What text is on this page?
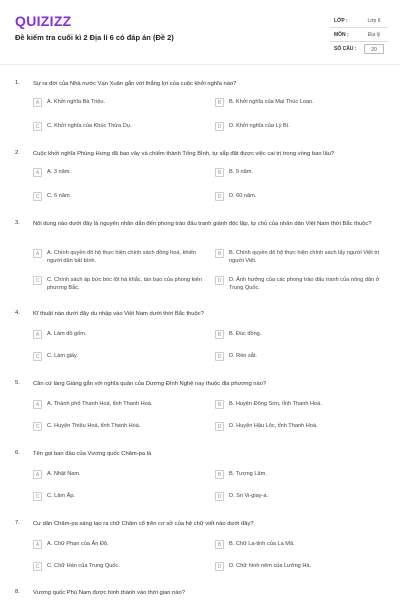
QUIZIZZ
Đề kiểm tra cuối kì 2 Địa lí 6 có đáp án (Đề 2)
LỚP :	Lớp 6
MÔN :	Địa lý
SỐ CÂU :	20
1. Sự ra đời của Nhà nước Vạn Xuân gắn với thắng lợi của cuộc khởi nghĩa nào?
A	A. Khởi nghĩa Bà Triệu.	B	B. Khởi nghĩa của Mai Thúc Loan.
C	C. Khởi nghĩa của Khúc Thừa Dụ.	D	D. Khởi nghĩa của Lý Bí.
2. Cuộc khởi nghĩa Phùng Hưng đã bao vây và chiếm thành Tống Bình, tự sắp đặt được việc cai trị trong vòng bao lâu?
A	A. 3 năm.	B	B. 9 năm.
C	C. 6 năm.	D	D. 60 năm.
3. Nội dung nào dưới đây là nguyên nhân dẫn đến phong trào đấu tranh giành độc lập, tự chủ của nhân dân Việt Nam thời Bắc thuộc?
A	A. Chính quyền đô hộ thực hiện chính sách đồng hoá, khiến người dân bất bình.
B	B. Chính quyền đô hộ thực hiện chính sách lấy người Việt trị người Việt.
C	C. Chính sách áp bức bóc lột hà khắc, tàn bạo của phong kiến phương Bắc.
D	D. Ảnh hưởng của các phong trào đấu tranh của nông dân ở Trung Quốc.
4. Kĩ thuật nào dưới đây du nhập vào Việt Nam dưới thời Bắc thuộc?
A	A. Làm đồ gốm.	B	B. Đúc đồng.
C	C. Làm giấy.	D	D. Rèn sắt.
5. Căn cứ làng Giàng gắn với nghĩa quân của Dương Đình Nghệ nay thuộc địa phương nào?
A	A. Thành phố Thanh Hoá, tỉnh Thanh Hoá.	B	B. Huyện Đông Sơn, tỉnh Thanh Hoá.
C	C. Huyện Thiệu Hoá, tỉnh Thanh Hoá.	D	D. Huyện Hậu Lộc, tỉnh Thanh Hoá.
6. Tên gọi ban đầu của Vương quốc Chăm-pa là
A	A. Nhật Nam.	B	B. Tượng Lâm.
C	C. Lâm Ấp.	D	D. Sri Vi-giay-a.
7. Cư dân Chăm-pa sáng tạo ra chữ Chăm cổ trên cơ sở của hệ chữ viết nào dưới đây?
A	A. Chữ Phạn của Ấn Độ.	B	B. Chữ La-tinh của La Mã.
C	C. Chữ Hán của Trung Quốc.	D	D. Chữ hình nêm của Lưỡng Hà.
8. Vương quốc Phù Nam được hình thành vào thời gian nào?
